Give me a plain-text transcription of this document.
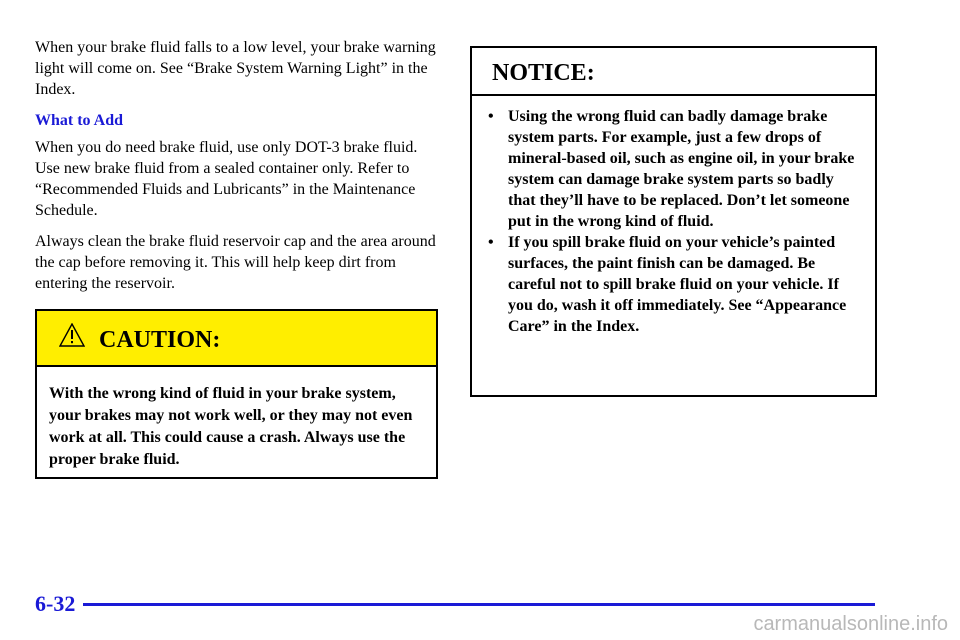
When your brake fluid falls to a low level, your brake warning light will come on. See “Brake System Warning Light” in the Index.

What to Add

When you do need brake fluid, use only DOT-3 brake fluid. Use new brake fluid from a sealed container only. Refer to “Recommended Fluids and Lubricants” in the Maintenance Schedule.

Always clean the brake fluid reservoir cap and the area around the cap before removing it. This will help keep dirt from entering the reservoir.

CAUTION:
With the wrong kind of fluid in your brake system, your brakes may not work well, or they may not even work at all. This could cause a crash. Always use the proper brake fluid.
NOTICE:
• Using the wrong fluid can badly damage brake system parts. For example, just a few drops of mineral-based oil, such as engine oil, in your brake system can damage brake system parts so badly that they’ll have to be replaced. Don’t let someone put in the wrong kind of fluid.
• If you spill brake fluid on your vehicle’s painted surfaces, the paint finish can be damaged. Be careful not to spill brake fluid on your vehicle. If you do, wash it off immediately. See “Appearance Care” in the Index.
6-32
carmanualsonline.info
